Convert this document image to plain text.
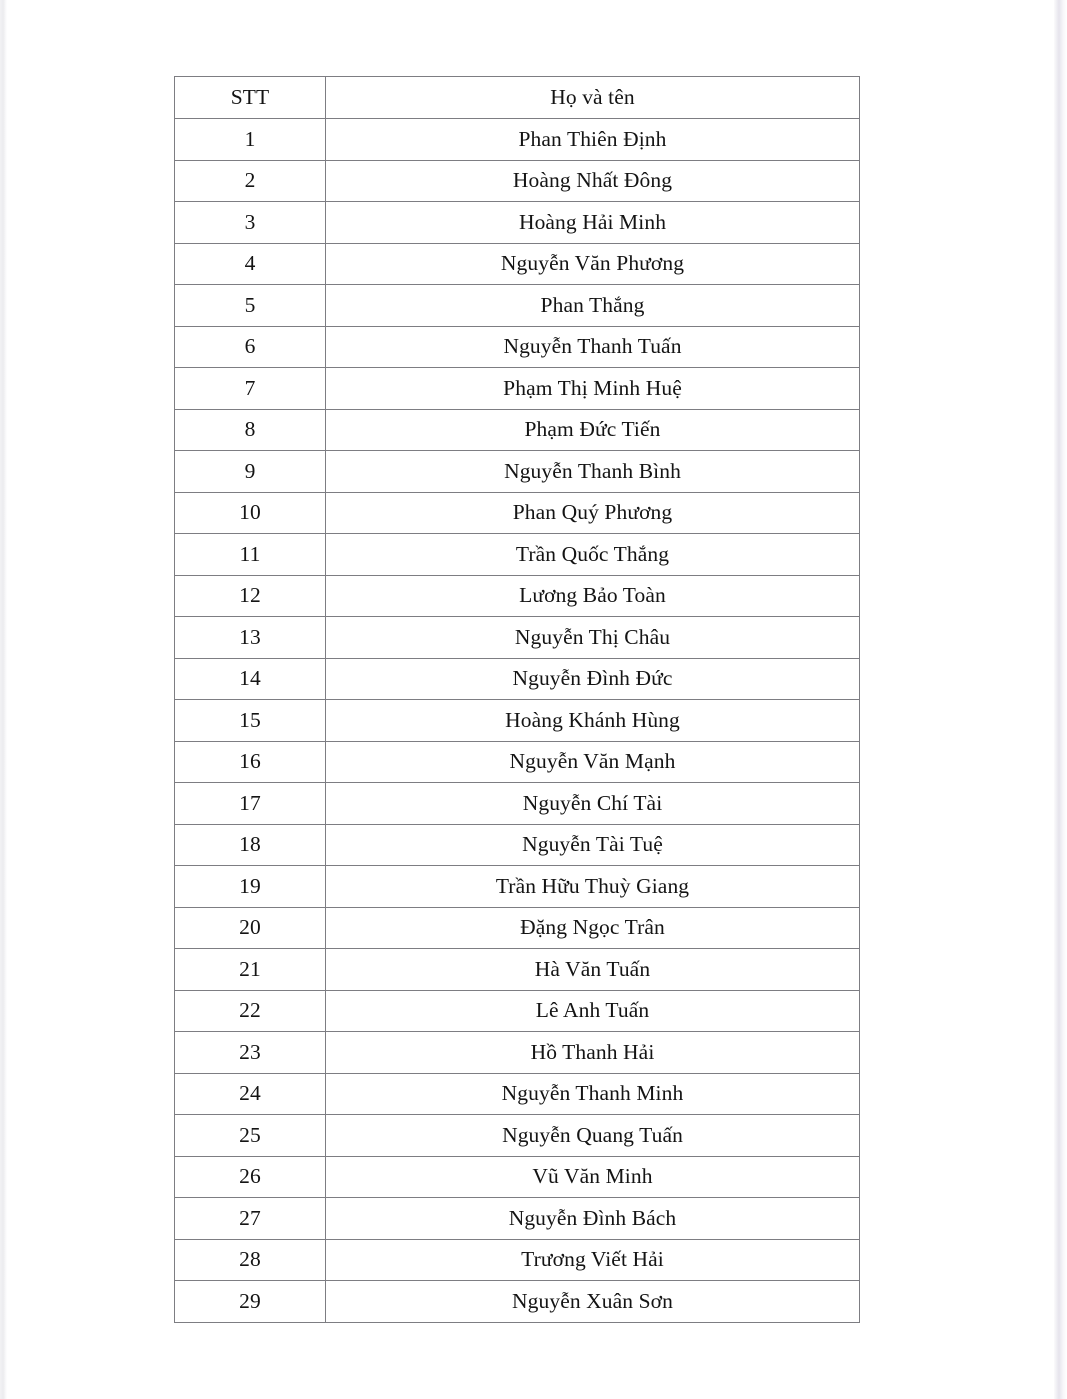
STT	Họ và tên
1	Phan Thiên Định
2	Hoàng Nhất Đông
3	Hoàng Hải Minh
4	Nguyễn Văn Phương
5	Phan Thắng
6	Nguyễn Thanh Tuấn
7	Phạm Thị Minh Huệ
8	Phạm Đức Tiến
9	Nguyễn Thanh Bình
10	Phan Quý Phương
11	Trần Quốc Thắng
12	Lương Bảo Toàn
13	Nguyễn Thị Châu
14	Nguyễn Đình Đức
15	Hoàng Khánh Hùng
16	Nguyễn Văn Mạnh
17	Nguyễn Chí Tài
18	Nguyễn Tài Tuệ
19	Trần Hữu Thuỳ Giang
20	Đặng Ngọc Trân
21	Hà Văn Tuấn
22	Lê Anh Tuấn
23	Hồ Thanh Hải
24	Nguyễn Thanh Minh
25	Nguyễn Quang Tuấn
26	Vũ Văn Minh
27	Nguyễn Đình Bách
28	Trương Viết Hải
29	Nguyễn Xuân Sơn
